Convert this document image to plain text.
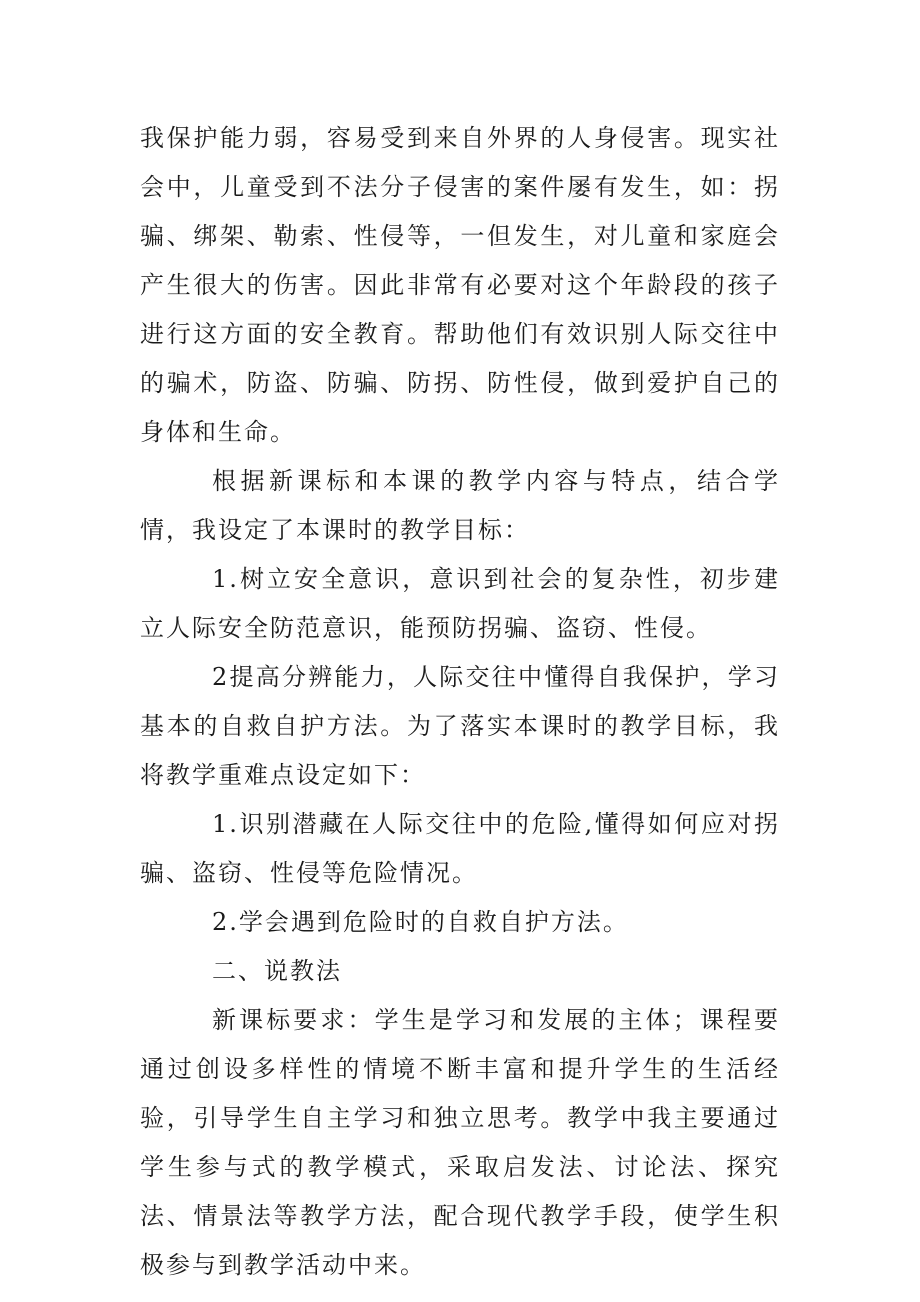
我保护能力弱，容易受到来自外界的人身侵害。现实社会中，儿童受到不法分子侵害的案件屡有发生，如：拐骗、绑架、勒索、性侵等，一但发生，对儿童和家庭会产生很大的伤害。因此非常有必要对这个年龄段的孩子进行这方面的安全教育。帮助他们有效识别人际交往中的骗术，防盗、防骗、防拐、防性侵，做到爱护自己的身体和生命。

根据新课标和本课的教学内容与特点，结合学情，我设定了本课时的教学目标：

1.树立安全意识，意识到社会的复杂性，初步建立人际安全防范意识，能预防拐骗、盗窃、性侵。

2提高分辨能力，人际交往中懂得自我保护，学习基本的自救自护方法。为了落实本课时的教学目标，我将教学重难点设定如下：

1.识别潜藏在人际交往中的危险,懂得如何应对拐骗、盗窃、性侵等危险情况。

2.学会遇到危险时的自救自护方法。

二、说教法

新课标要求：学生是学习和发展的主体；课程要通过创设多样性的情境不断丰富和提升学生的生活经验，引导学生自主学习和独立思考。教学中我主要通过学生参与式的教学模式，采取启发法、讨论法、探究法、情景法等教学方法，配合现代教学手段，使学生积极参与到教学活动中来。
